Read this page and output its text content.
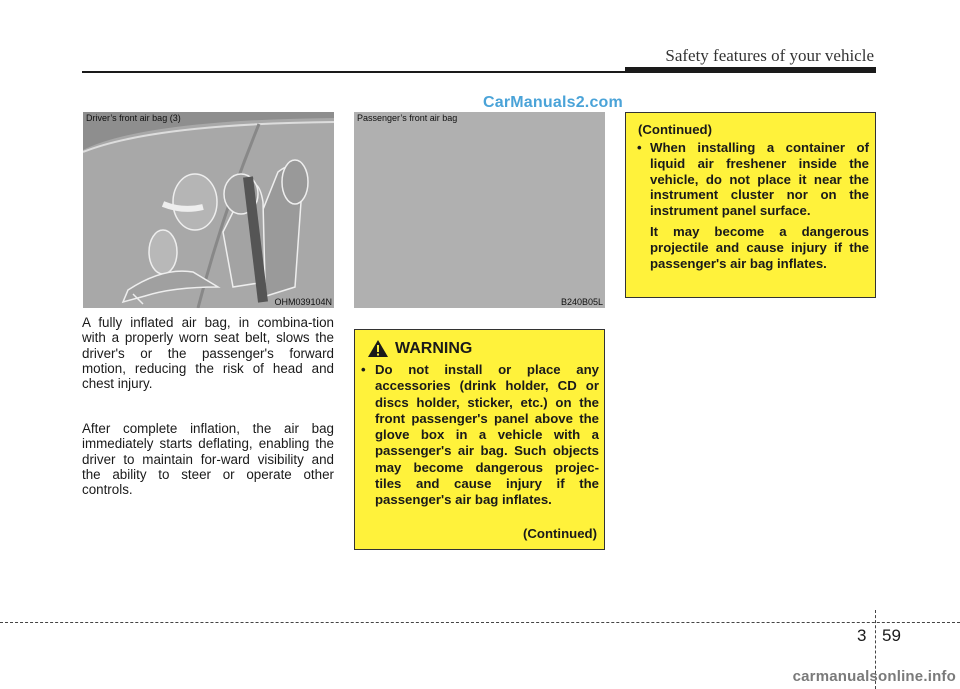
Safety features of your vehicle
CarManuals2.com
Driver’s front air bag (3)
OHM039104N
Passenger’s front air bag
B240B05L
A fully inflated air bag, in combina-tion with a properly worn seat belt, slows the driver's or the passenger's forward motion, reducing the risk of head and chest injury.
After complete inflation, the air bag immediately starts deflating, enabling the driver to maintain for-ward visibility and the ability to steer or operate other controls.
WARNING
• Do not install or place any accessories (drink holder, CD or discs holder, sticker, etc.) on the front passenger's panel above the glove box in a vehicle with a passenger's air bag. Such objects may become dangerous projec-tiles and cause injury if the passenger's air bag inflates.
(Continued)
(Continued)
• When installing a container of liquid air freshener inside the vehicle, do not place it near the instrument cluster nor on the instrument panel surface.

It may become a dangerous projectile and cause injury if the passenger's air bag inflates.

3 59
carmanualsonline.info
